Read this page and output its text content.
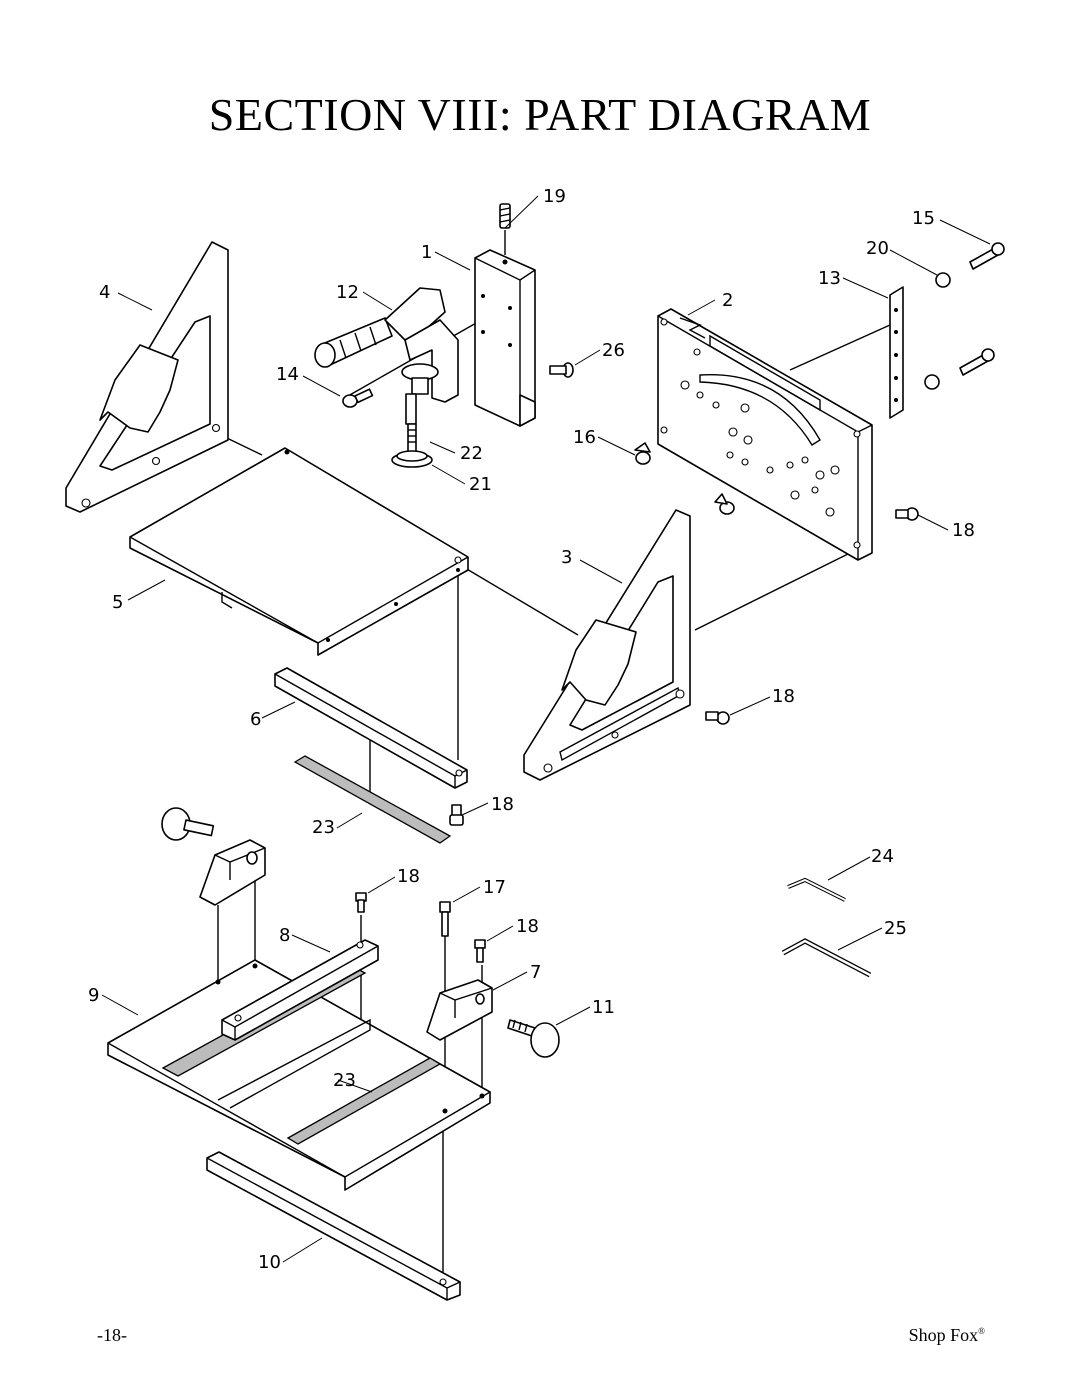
SECTION VIII: PART DIAGRAM
19
1
4	12
14
26
22
21
2
13
20
15
16
18
3
5
6
18
18
23
18
17
18
8
9
7
11
23
10
24
25
-18-	Shop Fox®
